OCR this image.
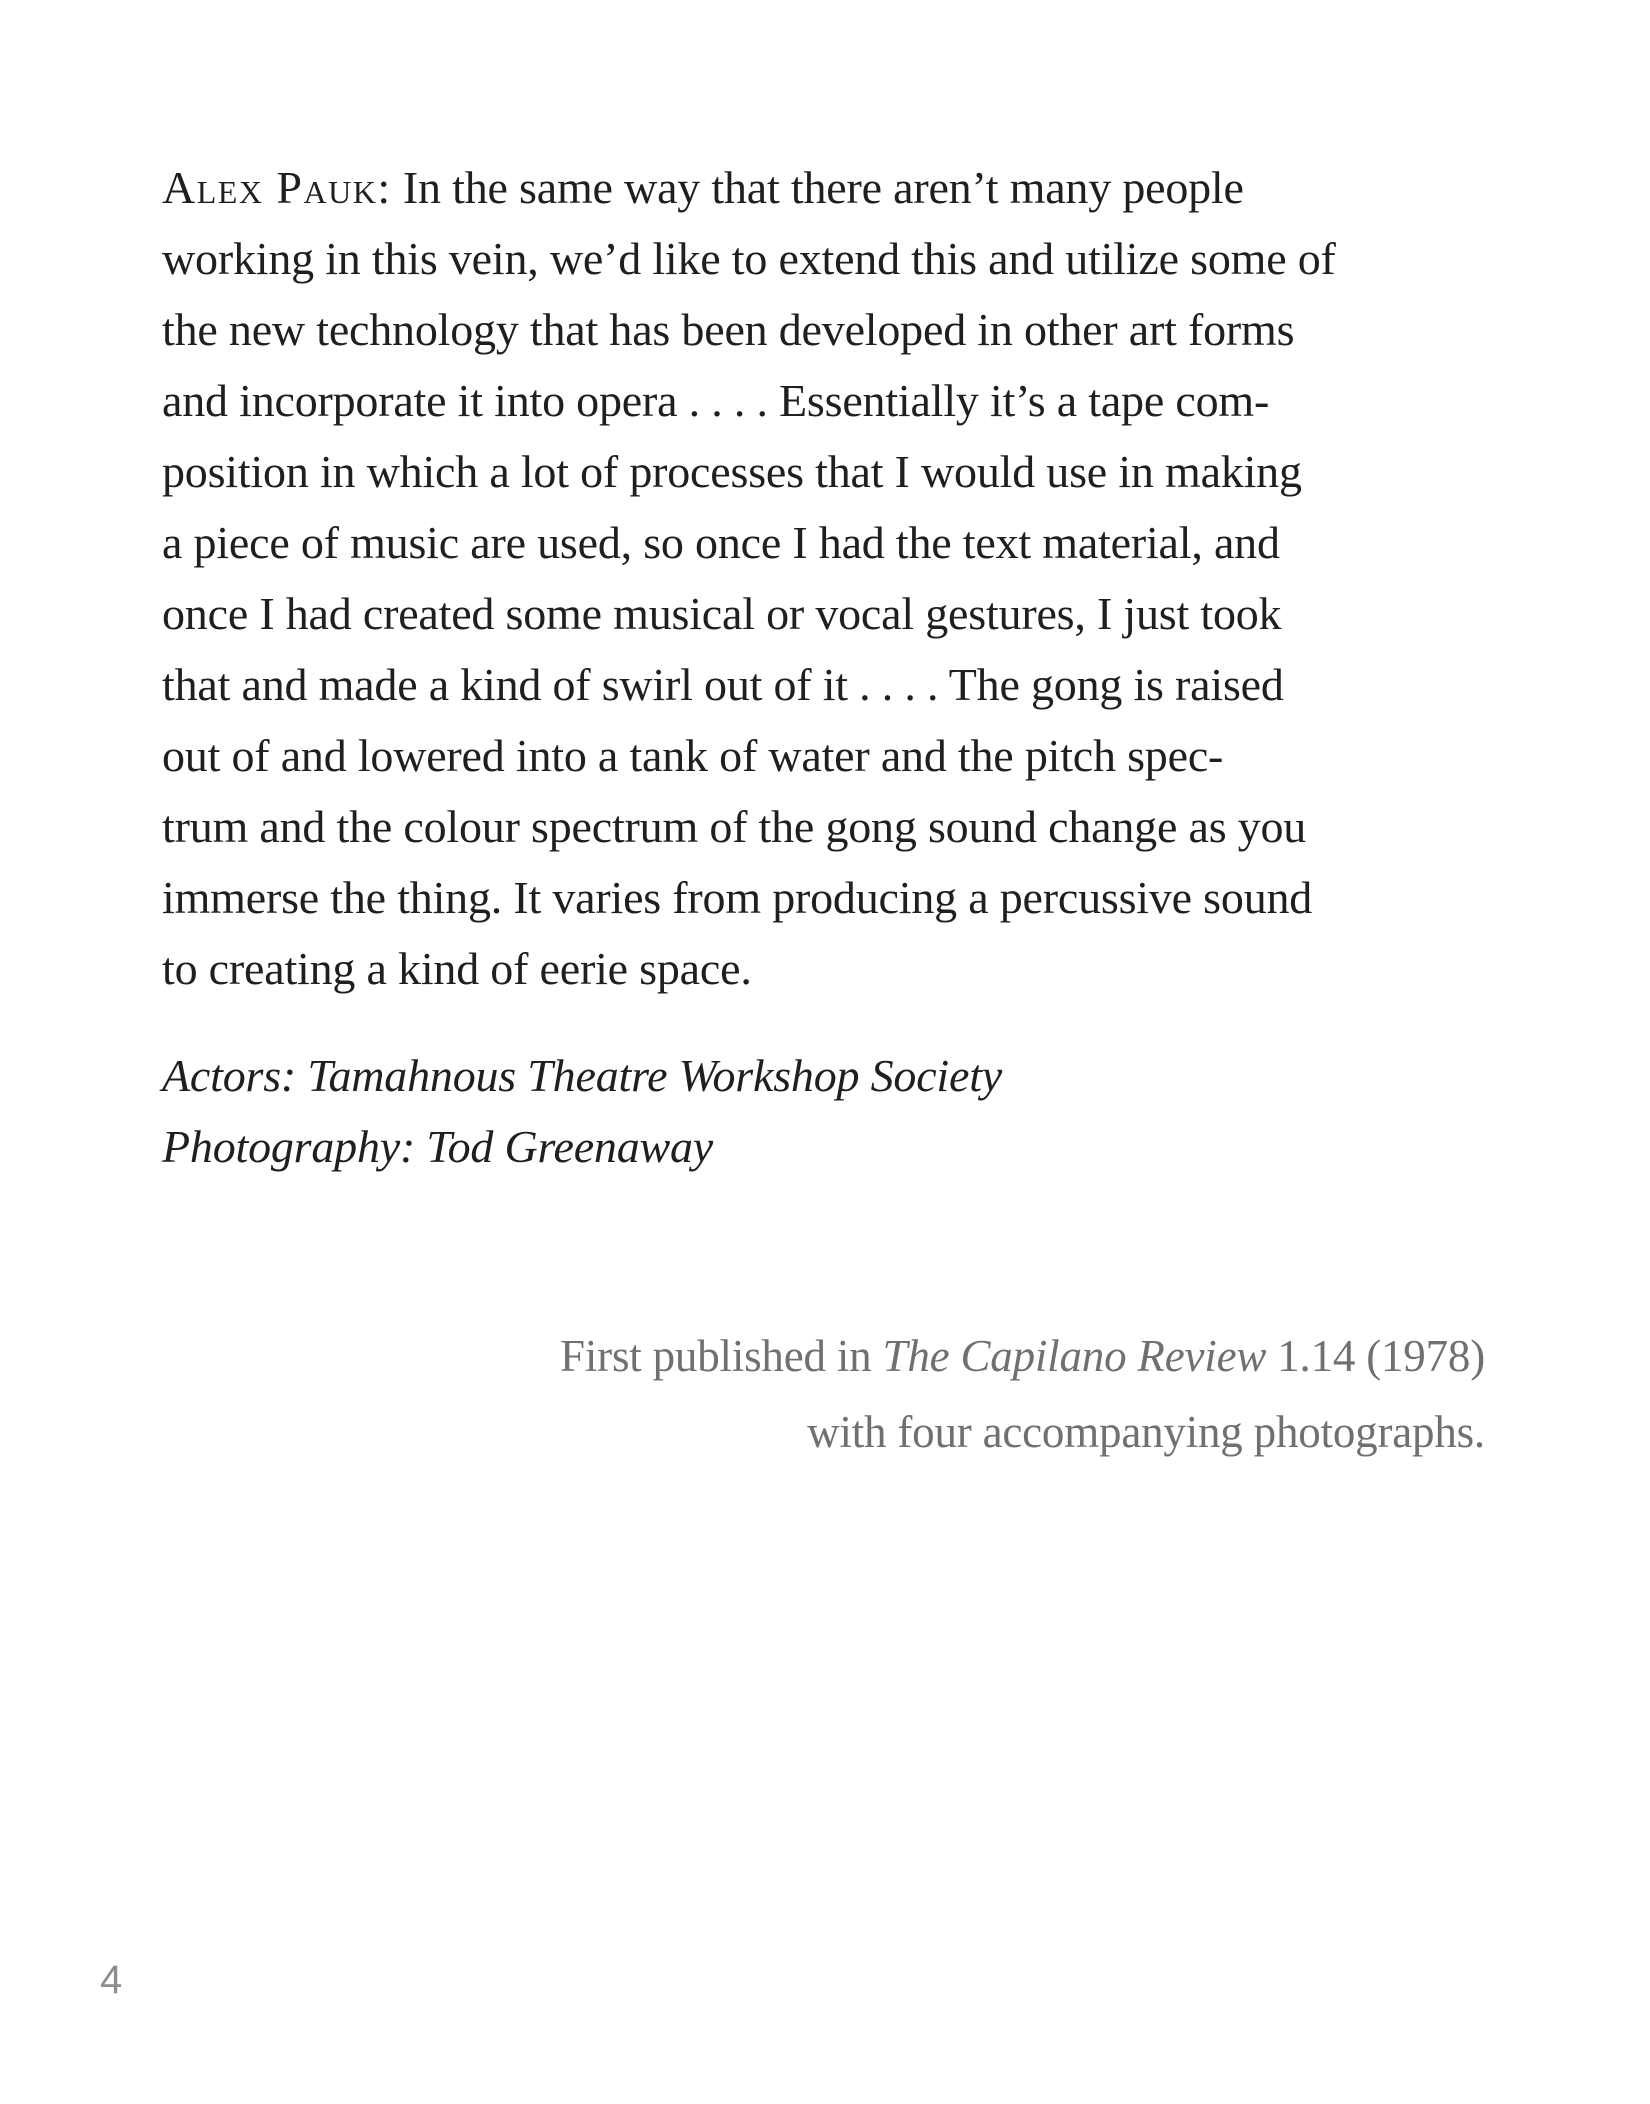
Alex Pauk: In the same way that there aren’t many people
working in this vein, we’d like to extend this and utilize some of
the new technology that has been developed in other art forms
and incorporate it into opera . . . . Essentially it’s a tape com-
position in which a lot of processes that I would use in making
a piece of music are used, so once I had the text material, and
once I had created some musical or vocal gestures, I just took
that and made a kind of swirl out of it . . . . The gong is raised
out of and lowered into a tank of water and the pitch spec-
trum and the colour spectrum of the gong sound change as you
immerse the thing. It varies from producing a percussive sound
to creating a kind of eerie space.
Actors: Tamahnous Theatre Workshop Society
Photography: Tod Greenaway
First published in The Capilano Review 1.14 (1978)
with four accompanying photographs.
4
